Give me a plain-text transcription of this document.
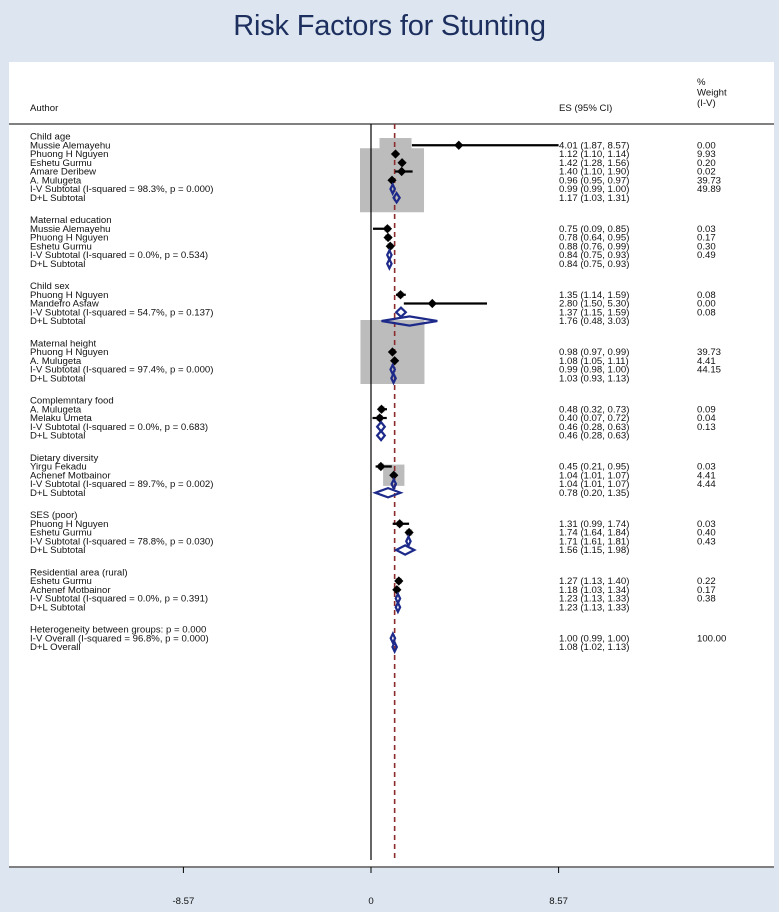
Risk Factors for Stunting
Author	ES (95% CI)
%
Weight
(I-V)
Child age
Mussie Alemayehu	4.01 (1.87, 8.57)	0.00
Phuong H Nguyen	1.12 (1.10, 1.14)	9.93
Eshetu Gurmu	1.42 (1.28, 1.56)	0.20
Amare Deribew	1.40 (1.10, 1.90)	0.02
A. Mulugeta	0.96 (0.95, 0.97)	39.73
I-V Subtotal (I-squared = 98.3%, p = 0.000)	0.99 (0.99, 1.00)	49.89
D+L Subtotal	1.17 (1.03, 1.31)
Maternal education
Mussie Alemayehu	0.75 (0.09, 0.85)	0.03
Phuong H Nguyen	0.78 (0.64, 0.95)	0.17
Eshetu Gurmu	0.88 (0.76, 0.99)	0.30
I-V Subtotal (I-squared = 0.0%, p = 0.534)	0.84 (0.75, 0.93)	0.49
D+L Subtotal	0.84 (0.75, 0.93)
Child sex
Phuong H Nguyen	1.35 (1.14, 1.59)	0.08
Mandefro Asfaw	2.80 (1.50, 5.30)	0.00
I-V Subtotal (I-squared = 54.7%, p = 0.137)	1.37 (1.15, 1.59)	0.08
D+L Subtotal	1.76 (0.48, 3.03)
Maternal height
Phuong H Nguyen	0.98 (0.97, 0.99)	39.73
A. Mulugeta	1.08 (1.05, 1.11)	4.41
I-V Subtotal (I-squared = 97.4%, p = 0.000)	0.99 (0.98, 1.00)	44.15
D+L Subtotal	1.03 (0.93, 1.13)
Complemntary food
A. Mulugeta	0.48 (0.32, 0.73)	0.09
Melaku Umeta	0.40 (0.07, 0.72)	0.04
I-V Subtotal (I-squared = 0.0%, p = 0.683)	0.46 (0.28, 0.63)	0.13
D+L Subtotal	0.46 (0.28, 0.63)
Dietary diversity
Yirgu Fekadu	0.45 (0.21, 0.95)	0.03
Achenef Motbainor	1.04 (1.01, 1.07)	4.41
I-V Subtotal (I-squared = 89.7%, p = 0.002)	1.04 (1.01, 1.07)	4.44
D+L Subtotal	0.78 (0.20, 1.35)
SES (poor)
Phuong H Nguyen	1.31 (0.99, 1.74)	0.03
Eshetu Gurmu	1.74 (1.64, 1.84)	0.40
I-V Subtotal (I-squared = 78.8%, p = 0.030)	1.71 (1.61, 1.81)	0.43
D+L Subtotal	1.56 (1.15, 1.98)
Residential area (rural)
Eshetu Gurmu	1.27 (1.13, 1.40)	0.22
Achenef Motbainor	1.18 (1.03, 1.34)	0.17
I-V Subtotal (I-squared = 0.0%, p = 0.391)	1.23 (1.13, 1.33)	0.38
D+L Subtotal	1.23 (1.13, 1.33)
Heterogeneity between groups: p = 0.000
I-V Overall (I-squared = 96.8%, p = 0.000)	1.00 (0.99, 1.00)	100.00
D+L Overall	1.08 (1.02, 1.13)
-8.57	0	8.57
